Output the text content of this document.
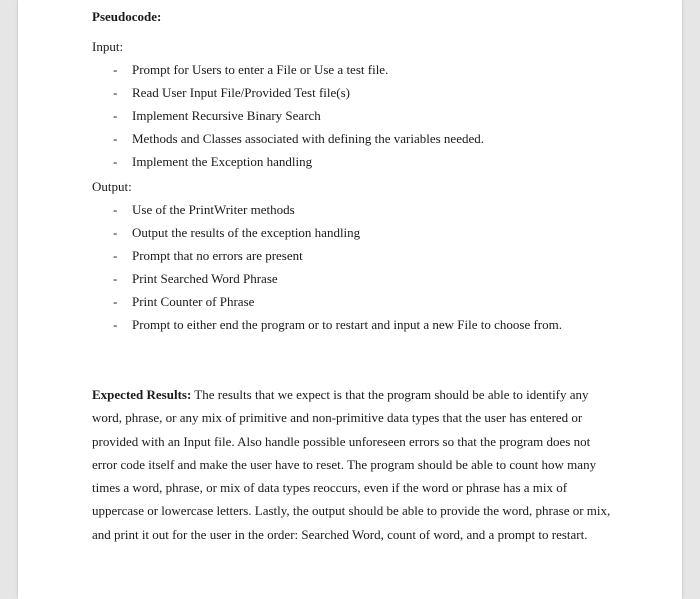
Pseudocode:
Input:
- Prompt for Users to enter a File or Use a test file.
- Read User Input File/Provided Test file(s)
- Implement Recursive Binary Search
- Methods and Classes associated with defining the variables needed.
- Implement the Exception handling
Output:
- Use of the PrintWriter methods
- Output the results of the exception handling
- Prompt that no errors are present
- Print Searched Word Phrase
- Print Counter of Phrase
- Prompt to either end the program or to restart and input a new File to choose from.

Expected Results: The results that we expect is that the program should be able to identify any word, phrase, or any mix of primitive and non-primitive data types that the user has entered or provided with an Input file. Also handle possible unforeseen errors so that the program does not error code itself and make the user have to reset. The program should be able to count how many times a word, phrase, or mix of data types reoccurs, even if the word or phrase has a mix of uppercase or lowercase letters. Lastly, the output should be able to provide the word, phrase or mix, and print it out for the user in the order: Searched Word, count of word, and a prompt to restart.
